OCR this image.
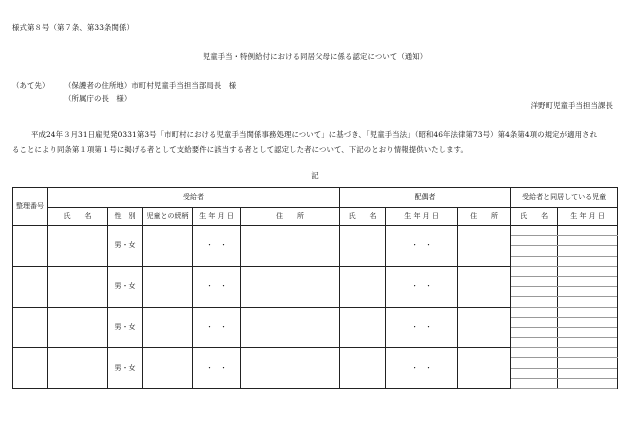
様式第８号（第７条、第33条関係）
児童手当・特例給付における同居父母に係る認定について（通知）
（あて先） （保護者の住所地）市町村児童手当担当部局長　様
（所属庁の長　様）
洋野町児童手当担当課長
平成24年３月31日雇児発0331第3号「市町村における児童手当関係事務処理について」に基づき、「児童手当法」（昭和46年法律第73号）第4条第4項の規定が適用され
ることにより同条第１項第１号に掲げる者として支給要件に該当する者として認定した者について、下記のとおり情報提供いたします。
記
整理番号	受給者					配偶者			受給者と同居している児童	
	氏　　名	性　別	児童との続柄	生 年 月 日	住　　所	氏　　名	生 年 月 日	住　　所	氏　　名	生 年 月 日	
		男・女		・　・			・　・				

		男・女		・　・			・　・				

		男・女		・　・			・　・				

		男・女		・　・			・　・				
